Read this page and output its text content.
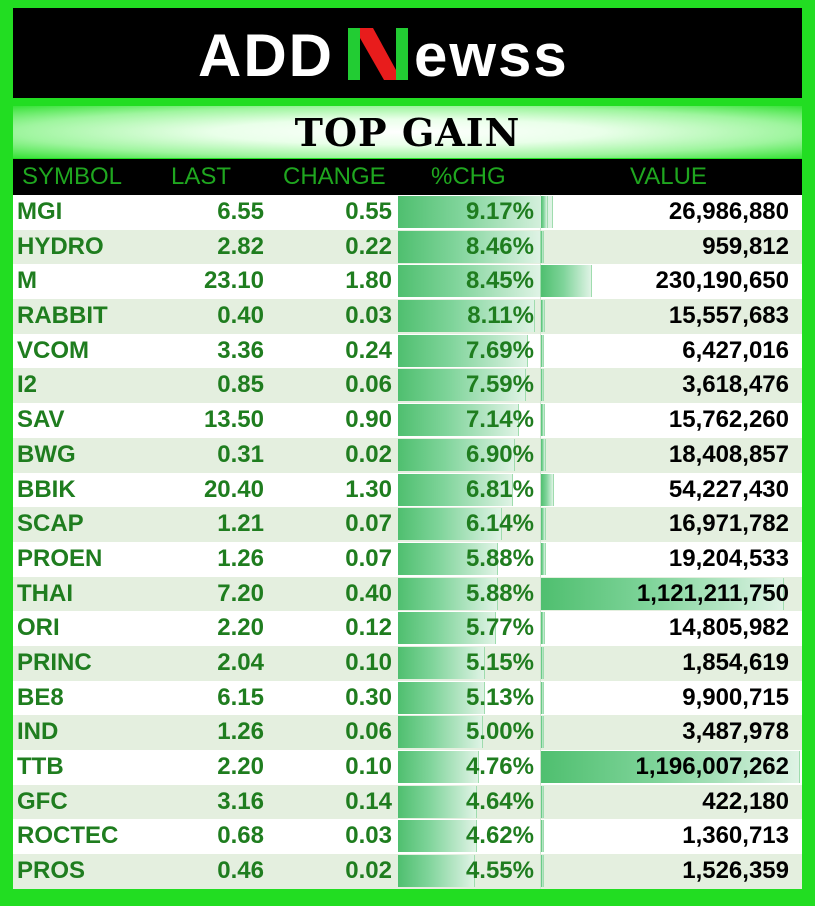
ADD ewss
TOP GAIN
SYMBOL LAST CHANGE %CHG	VALUE
MGI	6.55	0.55	9.17%	26,986,880
HYDRO	2.82	0.22	8.46%	959,812
M	23.10	1.80	8.45%	230,190,650
RABBIT	0.40	0.03	8.11%	15,557,683
VCOM	3.36	0.24	7.69%	6,427,016
I2	0.85	0.06	7.59%	3,618,476
SAV	13.50	0.90	7.14%	15,762,260
BWG	0.31	0.02	6.90%	18,408,857
BBIK	20.40	1.30	6.81%	54,227,430
SCAP	1.21	0.07	6.14%	16,971,782
PROEN	1.26	0.07	5.88%	19,204,533
THAI	7.20	0.40	5.88%	1,121,211,750
ORI	2.20	0.12	5.77%	14,805,982
PRINC	2.04	0.10	5.15%	1,854,619
BE8	6.15	0.30	5.13%	9,900,715
IND	1.26	0.06	5.00%	3,487,978
TTB	2.20	0.10	4.76%	1,196,007,262
GFC	3.16	0.14	4.64%	422,180
ROCTEC	0.68	0.03	4.62%	1,360,713
PROS	0.46	0.02	4.55%	1,526,359
